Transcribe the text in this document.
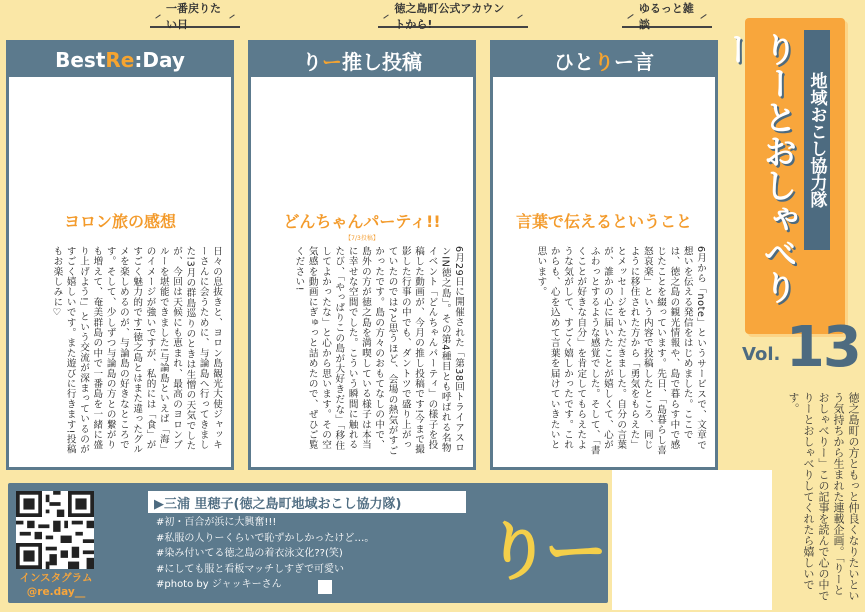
一番戻りたい日
徳之島町公式アカウントから!
ゆるっと雑談
Best Re :Day
ヨロン旅の感想
日々の息抜きと、ヨロン島観光大使ジャッキーさんに会うために、与論島へ行ってきました!3月の群島巡りのときは生憎の天気でしたが、今回は天候にも恵まれ、最高のヨロンブルーを堪能できました!与論島といえば「海」のイメージが強いですが、私的には「食」がすごく魅力的です!徳之島とはまた違ったグルメを楽しめるのが、与論島の好きなところです。そして、少しずつ与論島の方との繋がりも増えて、奄美群島の中で一番島を一緒に盛り上げよう!」という交流が深まっているのがすごく嬉しいです。また遊びに行きます!投稿もお楽しみに♡
り ー 推し投稿
どんちゃんパーティ!!
【7/3投稿】
6月29日に開催された「第38回トライアスロンIN徳之島」。その第4種目とも呼ばれる名物イベント「どんちゃんパーティ」の様子を投稿した動画が、今月の推し投稿です!今まで撮影した行事の中でも、ダントツで盛り上がっていたのでは?と思うほど、会場の熱気がすごかったです。島の方々のおもてなしの中で、島外の方が徳之島を満喫している様子は本当に幸せな空間でした。こういう瞬間に触れるたび、「やっぱりこの島が大好きだな」「移住してよかったな」と心から思います。その空気感を動画にぎゅっと詰めたので、ぜひご覧ください!
ひと り ー言
言葉で伝えるということ
6月から「note」というサービスで、文章で想いを伝える発信をはじめました。ここでは、徳之島の観光情報や、島で暮らす中で感じたことを綴っています。先日、「島暮らし喜怒哀楽」という内容で投稿したところ、同じように移住された方から「勇気をもらえた」とメッセージをいただきました。自分の言葉が、誰かの心に届いたことが嬉しくて、心がふわっとするような感覚でした。そして、「書くことが好きな自分」を肯定してもらえたような気がして、すごく嬉しかったです。これからも、心を込めて言葉を届けていきたいと思います。
地域おこし協力隊
りーとおしゃべりー
Vol. 13
徳之島町の方ともっと仲良くなりたいという気持ちから生まれた連載企画。「りーとおしゃべりー」この記事を読んで心の中でりーとおしゃべりしてくれたら嬉しいです。
インスタグラム
@re.day__
▶三浦 里穂子(徳之島町地域おこし協力隊)
#初・百合が浜に大興奮!!!
#私服の人りーくらいで恥ずかしかったけど…。
#染み付いてる徳之島の着衣泳文化??(笑)
#にしても服と看板マッチしすぎで可愛い
#photo by ジャッキーさん	りー
